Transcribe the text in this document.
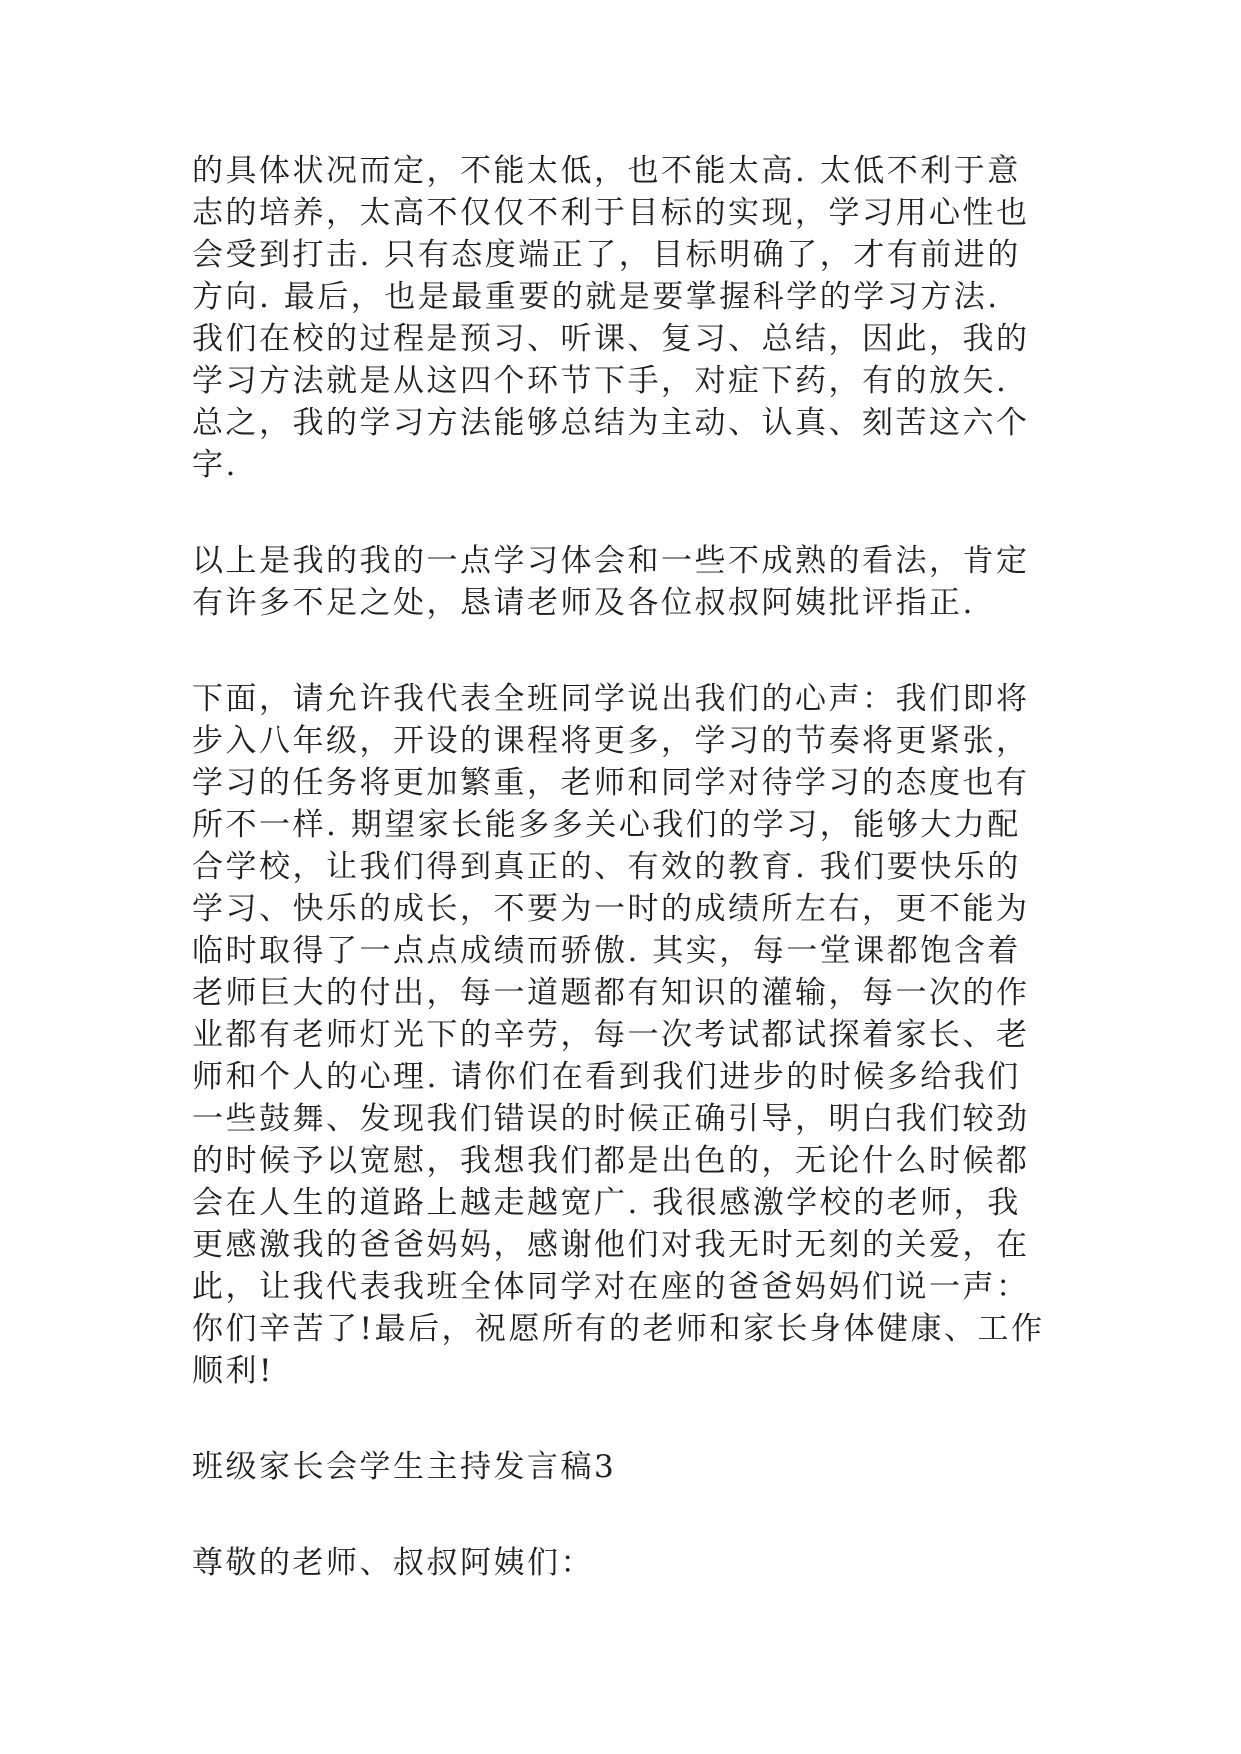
的具体状况而定，不能太低，也不能太高. 太低不利于意
志的培养，太高不仅仅不利于目标的实现，学习用心性也
会受到打击. 只有态度端正了，目标明确了，才有前进的
方向. 最后，也是最重要的就是要掌握科学的学习方法.
我们在校的过程是预习、听课、复习、总结，因此，我的
学习方法就是从这四个环节下手，对症下药，有的放矢.
总之，我的学习方法能够总结为主动、认真、刻苦这六个
字.
以上是我的我的一点学习体会和一些不成熟的看法，肯定
有许多不足之处，恳请老师及各位叔叔阿姨批评指正.
下面，请允许我代表全班同学说出我们的心声：我们即将
步入八年级，开设的课程将更多，学习的节奏将更紧张，
学习的任务将更加繁重，老师和同学对待学习的态度也有
所不一样. 期望家长能多多关心我们的学习，能够大力配
合学校，让我们得到真正的、有效的教育. 我们要快乐的
学习、快乐的成长，不要为一时的成绩所左右，更不能为
临时取得了一点点成绩而骄傲. 其实，每一堂课都饱含着
老师巨大的付出，每一道题都有知识的灌输，每一次的作
业都有老师灯光下的辛劳，每一次考试都试探着家长、老
师和个人的心理. 请你们在看到我们进步的时候多给我们
一些鼓舞、发现我们错误的时候正确引导，明白我们较劲
的时候予以宽慰，我想我们都是出色的，无论什么时候都
会在人生的道路上越走越宽广. 我很感激学校的老师，我
更感激我的爸爸妈妈，感谢他们对我无时无刻的关爱，在
此，让我代表我班全体同学对在座的爸爸妈妈们说一声：
你们辛苦了!最后，祝愿所有的老师和家长身体健康、工作
顺利!
班级家长会学生主持发言稿3
尊敬的老师、叔叔阿姨们：
